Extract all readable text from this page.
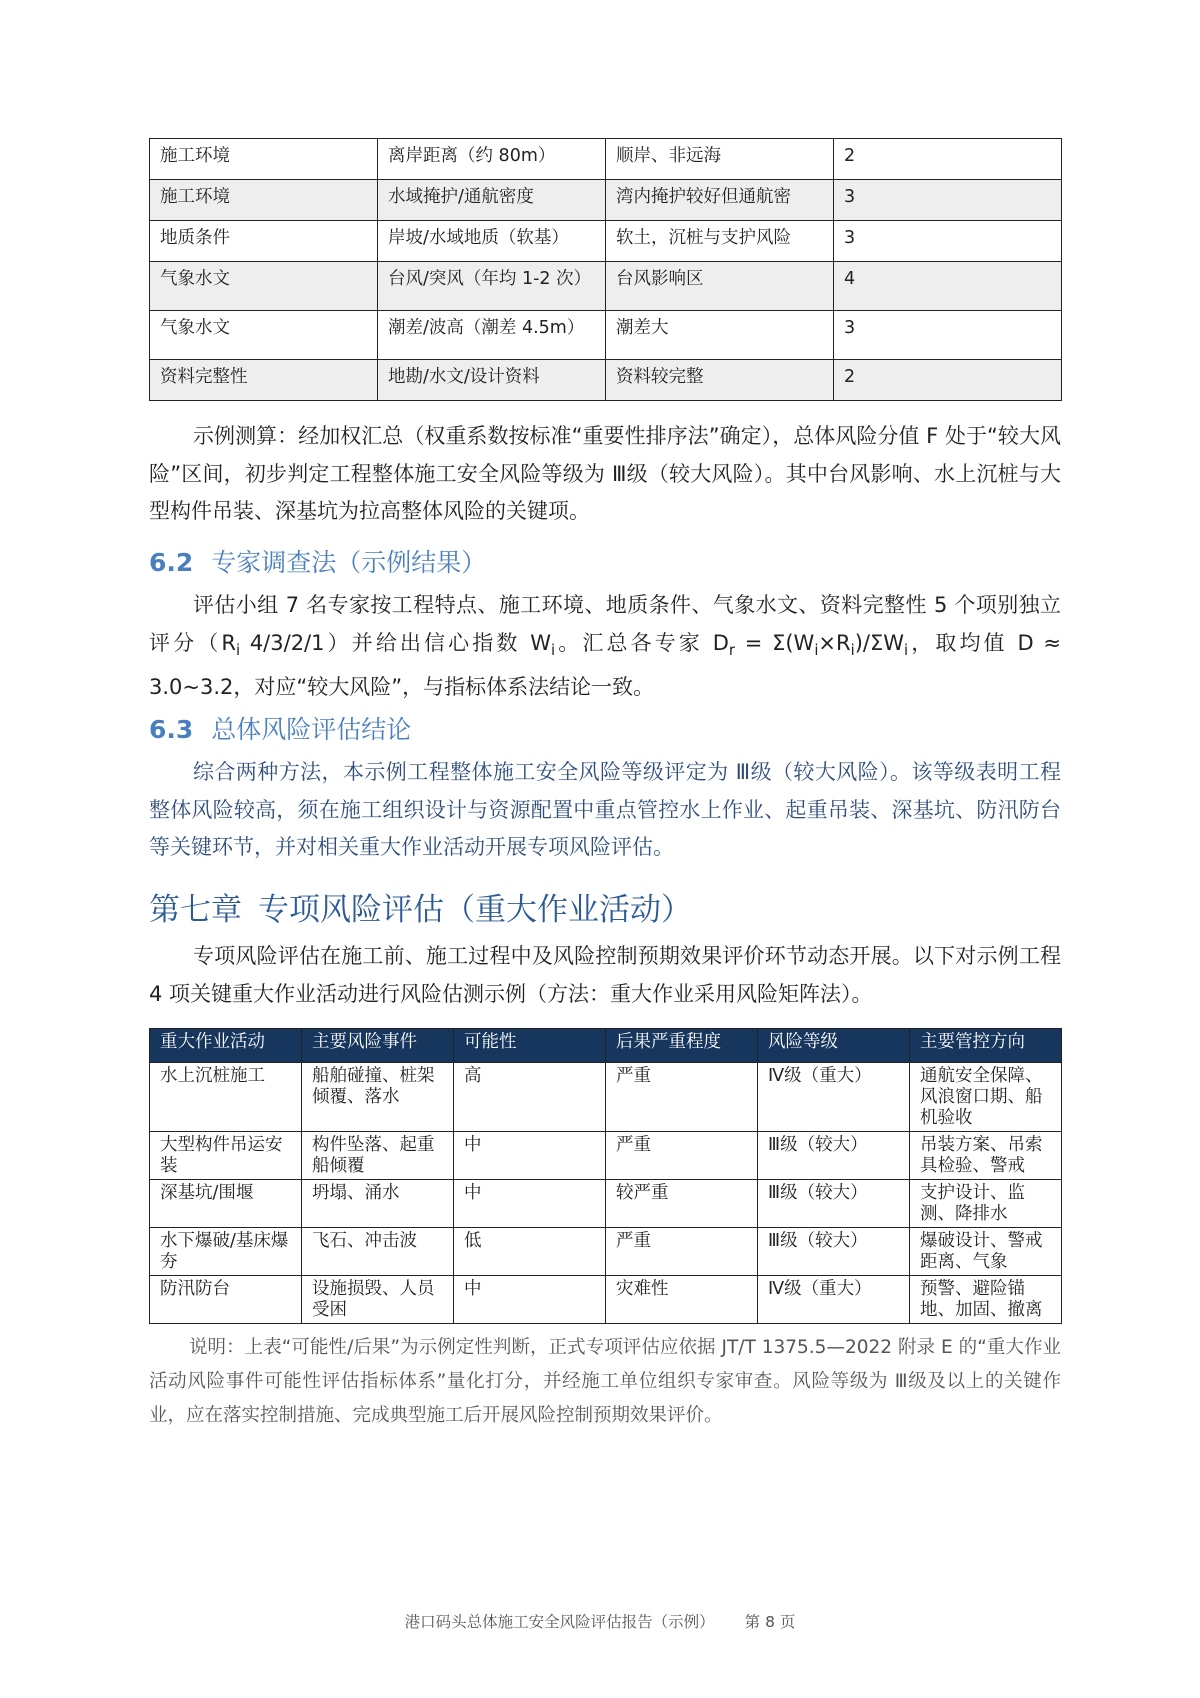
施工环境	离岸距离（约 80m）	顺岸、非远海	2
施工环境	水域掩护/通航密度	湾内掩护较好但通航密	3
地质条件	岸坡/水域地质（软基）	软土，沉桩与支护风险	3
气象水文	台风/突风（年均 1-2 次）	台风影响区	4
气象水文	潮差/波高（潮差 4.5m）	潮差大	3
资料完整性	地勘/水文/设计资料	资料较完整	2

示例测算：经加权汇总（权重系数按标准“重要性排序法”确定），总体风险分值 F 处于“较大风险”区间，初步判定工程整体施工安全风险等级为 Ⅲ级（较大风险）。其中台风影响、水上沉桩与大型构件吊装、深基坑为拉高整体风险的关键项。

6.2 专家调查法（示例结果）

评估小组 7 名专家按工程特点、施工环境、地质条件、气象水文、资料完整性 5 个项别独立评分（$R_i$ 4/3/2/1）并给出信心指数 $W_i$。汇总各专家 $D_r = \Sigma(W_i\times R_i)/\Sigma W_i$，取均值 D ≈ 3.0~3.2，对应“较大风险”，与指标体系法结论一致。

6.3 总体风险评估结论

综合两种方法，本示例工程整体施工安全风险等级评定为 Ⅲ级（较大风险）。该等级表明工程整体风险较高，须在施工组织设计与资源配置中重点管控水上作业、起重吊装、深基坑、防汛防台等关键环节，并对相关重大作业活动开展专项风险评估。

第七章 专项风险评估（重大作业活动）

专项风险评估在施工前、施工过程中及风险控制预期效果评价环节动态开展。以下对示例工程 4 项关键重大作业活动进行风险估测示例（方法：重大作业采用风险矩阵法）。

重大作业活动	主要风险事件	可能性	后果严重程度	风险等级	主要管控方向
水上沉桩施工	船舶碰撞、桩架倾覆、落水	高	严重	Ⅳ级（重大）	通航安全保障、风浪窗口期、船机验收
大型构件吊运安装	构件坠落、起重船倾覆	中	严重	Ⅲ级（较大）	吊装方案、吊索具检验、警戒
深基坑/围堰	坍塌、涌水	中	较严重	Ⅲ级（较大）	支护设计、监测、降排水
水下爆破/基床爆夯	飞石、冲击波	低	严重	Ⅲ级（较大）	爆破设计、警戒距离、气象
防汛防台	设施损毁、人员受困	中	灾难性	Ⅳ级（重大）	预警、避险锚地、加固、撤离

说明：上表“可能性/后果”为示例定性判断，正式专项评估应依据 JT/T 1375.5—2022 附录 E 的“重大作业活动风险事件可能性评估指标体系”量化打分，并经施工单位组织专家审查。风险等级为 Ⅲ级及以上的关键作业，应在落实控制措施、完成典型施工后开展风险控制预期效果评价。

港口码头总体施工安全风险评估报告（示例） 第 8 页
